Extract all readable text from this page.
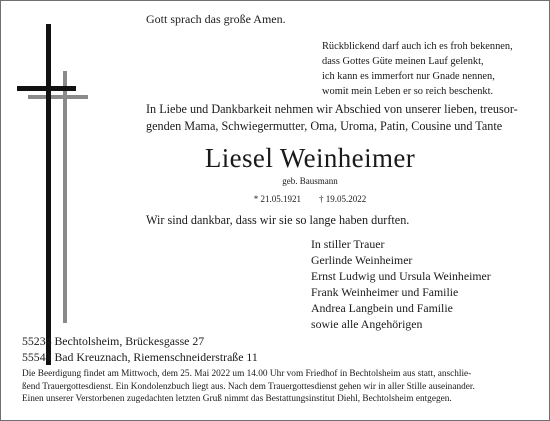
Gott sprach das große Amen.
Rückblickend darf auch ich es froh bekennen,
dass Gottes Güte meinen Lauf gelenkt,
ich kann es immerfort nur Gnade nennen,
womit mein Leben er so reich beschenkt.
In Liebe und Dankbarkeit nehmen wir Abschied von unserer lieben, treusor-
genden Mama, Schwiegermutter, Oma, Uroma, Patin, Cousine und Tante
Liesel Weinheimer
geb. Bausmann
* 21.05.1921 † 19.05.2022
Wir sind dankbar, dass wir sie so lange haben durften.
In stiller Trauer
Gerlinde Weinheimer
Ernst Ludwig und Ursula Weinheimer
Frank Weinheimer und Familie
Andrea Langbein und Familie
sowie alle Angehörigen
55234 Bechtolsheim, Brückesgasse 27
55543 Bad Kreuznach, Riemenschneiderstraße 11
Die Beerdigung findet am Mittwoch, dem 25. Mai 2022 um 14.00 Uhr vom Friedhof in Bechtolsheim aus statt, anschlie-
ßend Trauergottesdienst. Ein Kondolenzbuch liegt aus. Nach dem Trauergottesdienst gehen wir in aller Stille auseinander.
Einen unserer Verstorbenen zugedachten letzten Gruß nimmt das Bestattungsinstitut Diehl, Bechtolsheim entgegen.
